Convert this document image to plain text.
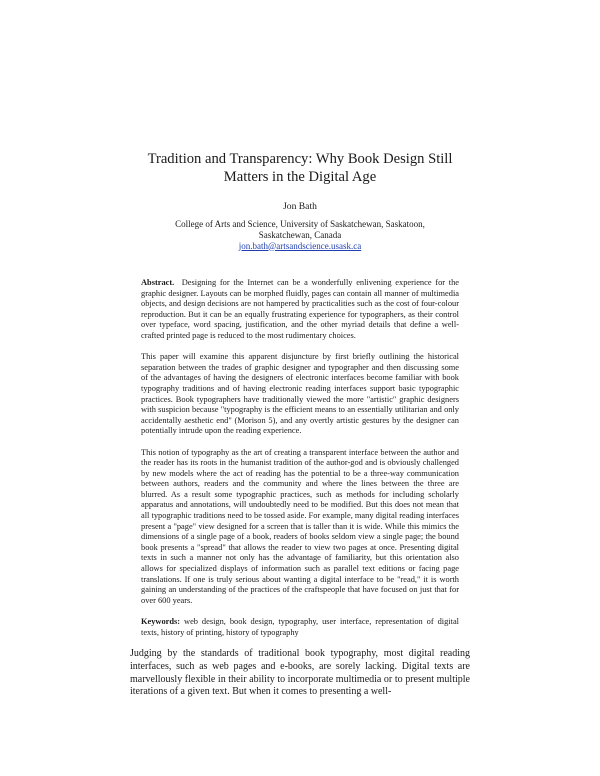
Tradition and Transparency: Why Book Design Still
Matters in the Digital Age
Jon Bath
College of Arts and Science, University of Saskatchewan, Saskatoon,
Saskatchewan, Canada
jon.bath@artsandscience.usask.ca

Abstract. Designing for the Internet can be a wonderfully enlivening experience for the graphic designer. Layouts can be morphed fluidly, pages can contain all manner of multimedia objects, and design decisions are not hampered by practicalities such as the cost of four-colour reproduction. But it can be an equally frustrating experience for typographers, as their control over typeface, word spacing, justification, and the other myriad details that define a well-crafted printed page is reduced to the most rudimentary choices.

This paper will examine this apparent disjuncture by first briefly outlining the historical separation between the trades of graphic designer and typographer and then discussing some of the advantages of having the designers of electronic interfaces become familiar with book typography traditions and of having electronic reading interfaces support basic typographic practices. Book typographers have traditionally viewed the more "artistic" graphic designers with suspicion because "typography is the efficient means to an essentially utilitarian and only accidentally aesthetic end" (Morison 5), and any overtly artistic gestures by the designer can potentially intrude upon the reading experience.

This notion of typography as the art of creating a transparent interface between the author and the reader has its roots in the humanist tradition of the author-god and is obviously challenged by new models where the act of reading has the potential to be a three-way communication between authors, readers and the community and where the lines between the three are blurred. As a result some typographic practices, such as methods for including scholarly apparatus and annotations, will undoubtedly need to be modified. But this does not mean that all typographic traditions need to be tossed aside. For example, many digital reading interfaces present a "page" view designed for a screen that is taller than it is wide. While this mimics the dimensions of a single page of a book, readers of books seldom view a single page; the bound book presents a "spread" that allows the reader to view two pages at once. Presenting digital texts in such a manner not only has the advantage of familiarity, but this orientation also allows for specialized displays of information such as parallel text editions or facing page translations. If one is truly serious about wanting a digital interface to be "read," it is worth gaining an understanding of the practices of the craftspeople that have focused on just that for over 600 years.

Keywords: web design, book design, typography, user interface, representation of digital texts, history of printing, history of typography

Judging by the standards of traditional book typography, most digital reading interfaces, such as web pages and e-books, are sorely lacking. Digital texts are marvellously flexible in their ability to incorporate multimedia or to present multiple iterations of a given text. But when it comes to presenting a well-
